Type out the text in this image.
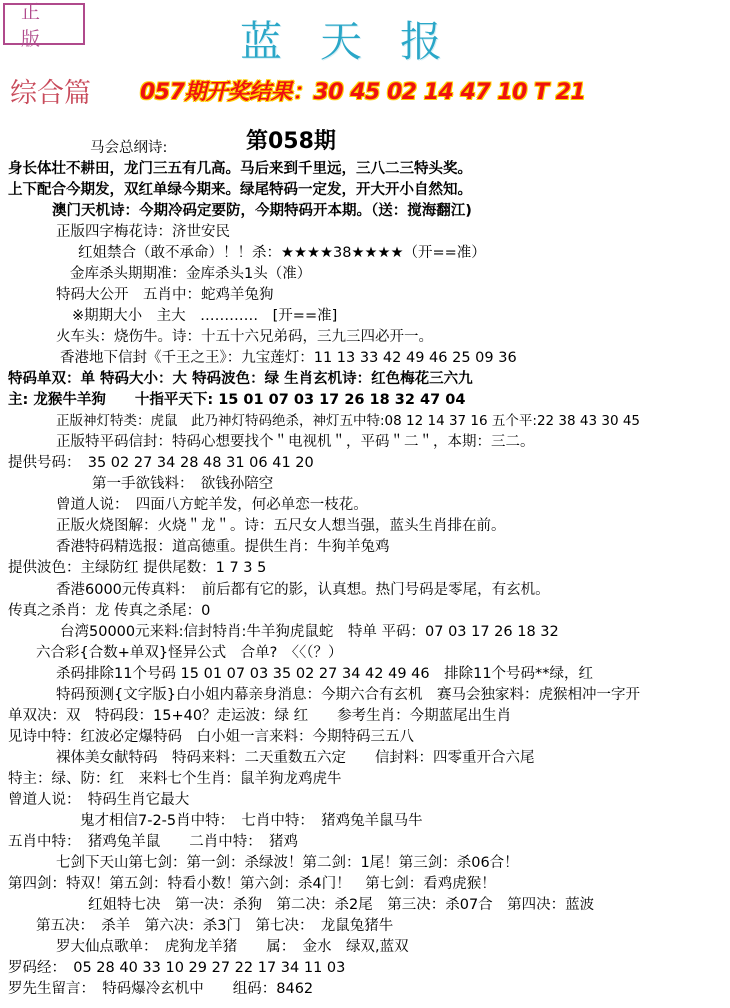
正版	蓝天报
综合篇 057期开奖结果：30 45 02 14 47 10 T 21
第058期
马会总纲诗:
身长体壮不耕田，龙门三五有几高。马后来到千里远，三八二三特头奖。
上下配合今期发，双红单绿今期来。绿尾特码一定发，开大开小自然知。
澳门天机诗：今期冷码定要防，今期特码开本期。（送：搅海翻江)
正版四字梅花诗：济世安民
红姐禁合（敢不承命）！！杀：★★★★38★★★★（开==准）
金库杀头期期准：金库杀头1头（准）
特码大公开　五肖中：蛇鸡羊兔狗
※期期大小　主大　…………　[开==准]
火车头：烧伤牛。诗：十五十六兄弟码，三九三四必开一。
香港地下信封《千王之王》：九宝莲灯：11 13 33 42 49 46 25 09 36
特码单双：单 特码大小：大 特码波色：绿 生肖玄机诗：红色梅花三六九
主: 龙猴牛羊狗　　十指平天下: 15 01 07 03 17 26 18 32 47 04
正版神灯特类：虎鼠　此乃神灯特码绝杀，神灯五中特:08 12 14 37 16 五个平:22 38 43 30 45
正版特平码信封：特码心想要找个＂电视机＂，平码＂二＂，本期：三二。
提供号码：　35 02 27 34 28 48 31 06 41 20
第一手欲钱料：　欲钱孙陪空
曾道人说：　四面八方蛇羊发，何必单恋一枝花。
正版火烧图解：火烧＂龙＂。诗：五尺女人想当强，蓝头生肖排在前。
香港特码精选报：道高德重。提供生肖：牛狗羊兔鸡
提供波色：主绿防红 提供尾数：1 7 3 5
香港6000元传真料：　前后都有它的影，认真想。热门号码是零尾，有玄机。
传真之杀肖：龙 传真之杀尾：0
台湾50000元来料:信封特肖:牛羊狗虎鼠蛇　特单 平码：07 03 17 26 18 32
六合彩{合数+单双}怪异公式　合单?　〈〈（？）
杀码排除11个号码 15 01 07 03 35 02 27 34 42 49 46　排除11个号码**绿，红
特码预测{文字版}白小姐内幕亲身消息：今期六合有玄机　赛马会独家料：虎猴相冲一字开
单双决：双　特码段：15+40？走运波：绿 红　　参考生肖：今期蓝尾出生肖
见诗中特：红波必定爆特码　白小姐一言来料：今期特码三五八
裸体美女献特码　特码来料：二天重数五六定　　信封料：四零重开合六尾
特主：绿、防：红　来料七个生肖：鼠羊狗龙鸡虎牛
曾道人说：　特码生肖它最大
鬼才相信7-2-5肖中特：　七肖中特：　猪鸡兔羊鼠马牛
五肖中特：　猪鸡兔羊鼠　　二肖中特：　猪鸡
七剑下天山第七剑：第一剑：杀绿波！第二剑：1尾！第三剑：杀06合！
第四剑：特双！第五剑：特看小数！第六剑：杀4门！　第七剑：看鸡虎猴！
红姐特七决　第一决：杀狗　第二决：杀2尾　第三决：杀07合　第四决：蓝波
第五决：　杀羊　第六决：杀3门　第七决：　龙鼠兔猪牛
罗大仙点歌单：　虎狗龙羊猪　　属：　金水　绿双,蓝双
罗码经：　05 28 40 33 10 29 27 22 17 34 11 03
罗先生留言：　特码爆冷玄机中　　组码：8462
